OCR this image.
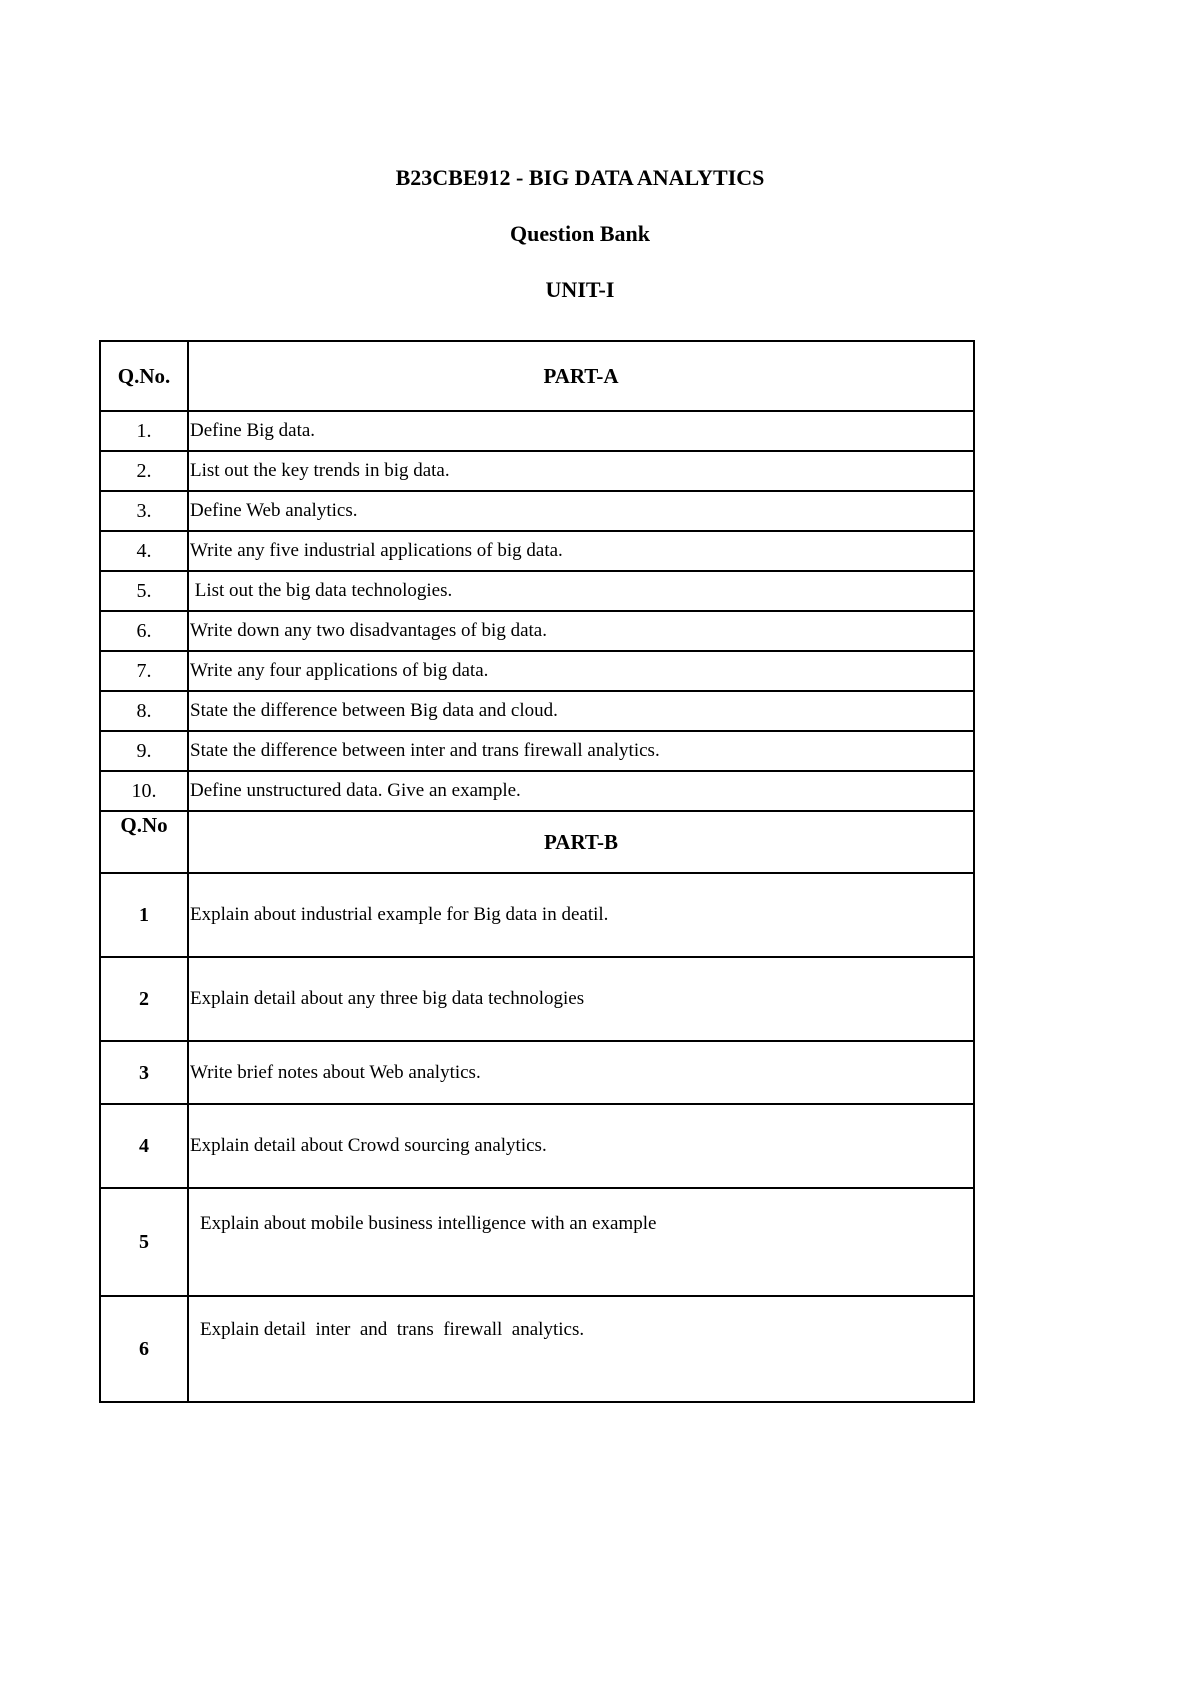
B23CBE912 - BIG DATA ANALYTICS
Question Bank
UNIT-I
Q.No.	PART-A
1.	Define Big data.
2.	List out the key trends in big data.
3.	Define Web analytics.
4.	Write any five industrial applications of big data.
5.	List out the big data technologies.
6.	Write down any two disadvantages of big data.
7.	Write any four applications of big data.
8.	State the difference between Big data and cloud.
9.	State the difference between inter and trans firewall analytics.
10.	Define unstructured data. Give an example.
Q.No	PART-B
1	Explain about industrial example for Big data in deatil.
2	Explain detail about any three big data technologies
3	Write brief notes about Web analytics.
4	Explain detail about Crowd sourcing analytics.
5	Explain about mobile business intelligence with an example
6	Explain detail  inter  and  trans  firewall  analytics.
